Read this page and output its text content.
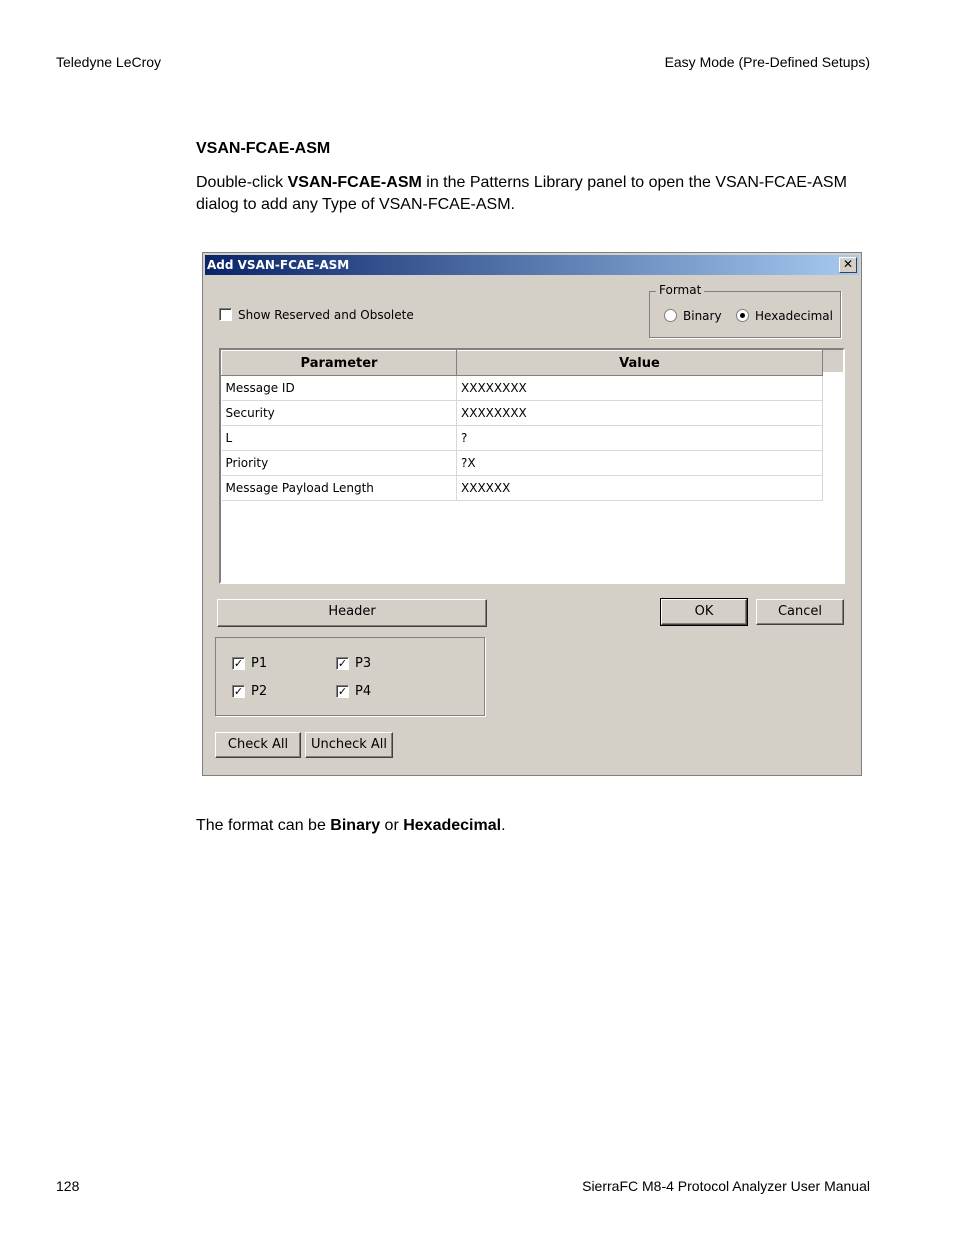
Teledyne LeCroy	Easy Mode (Pre-Defined Setups)
VSAN-FCAE-ASM
Double-click VSAN-FCAE-ASM in the Patterns Library panel to open the VSAN-FCAE-ASM dialog to add any Type of VSAN-FCAE-ASM.
Add VSAN-FCAE-ASM	✕
Show Reserved and Obsolete
Format
Binary	Hexadecimal
Parameter	Value
Message ID	XXXXXXXX
Security	XXXXXXXX
L	?
Priority	?X
Message Payload Length	XXXXXX
Header	OK	Cancel
✓ P1	✓ P3
✓ P2	✓ P4
Check All	Uncheck All
The format can be Binary or Hexadecimal.
128	SierraFC M8-4 Protocol Analyzer User Manual
